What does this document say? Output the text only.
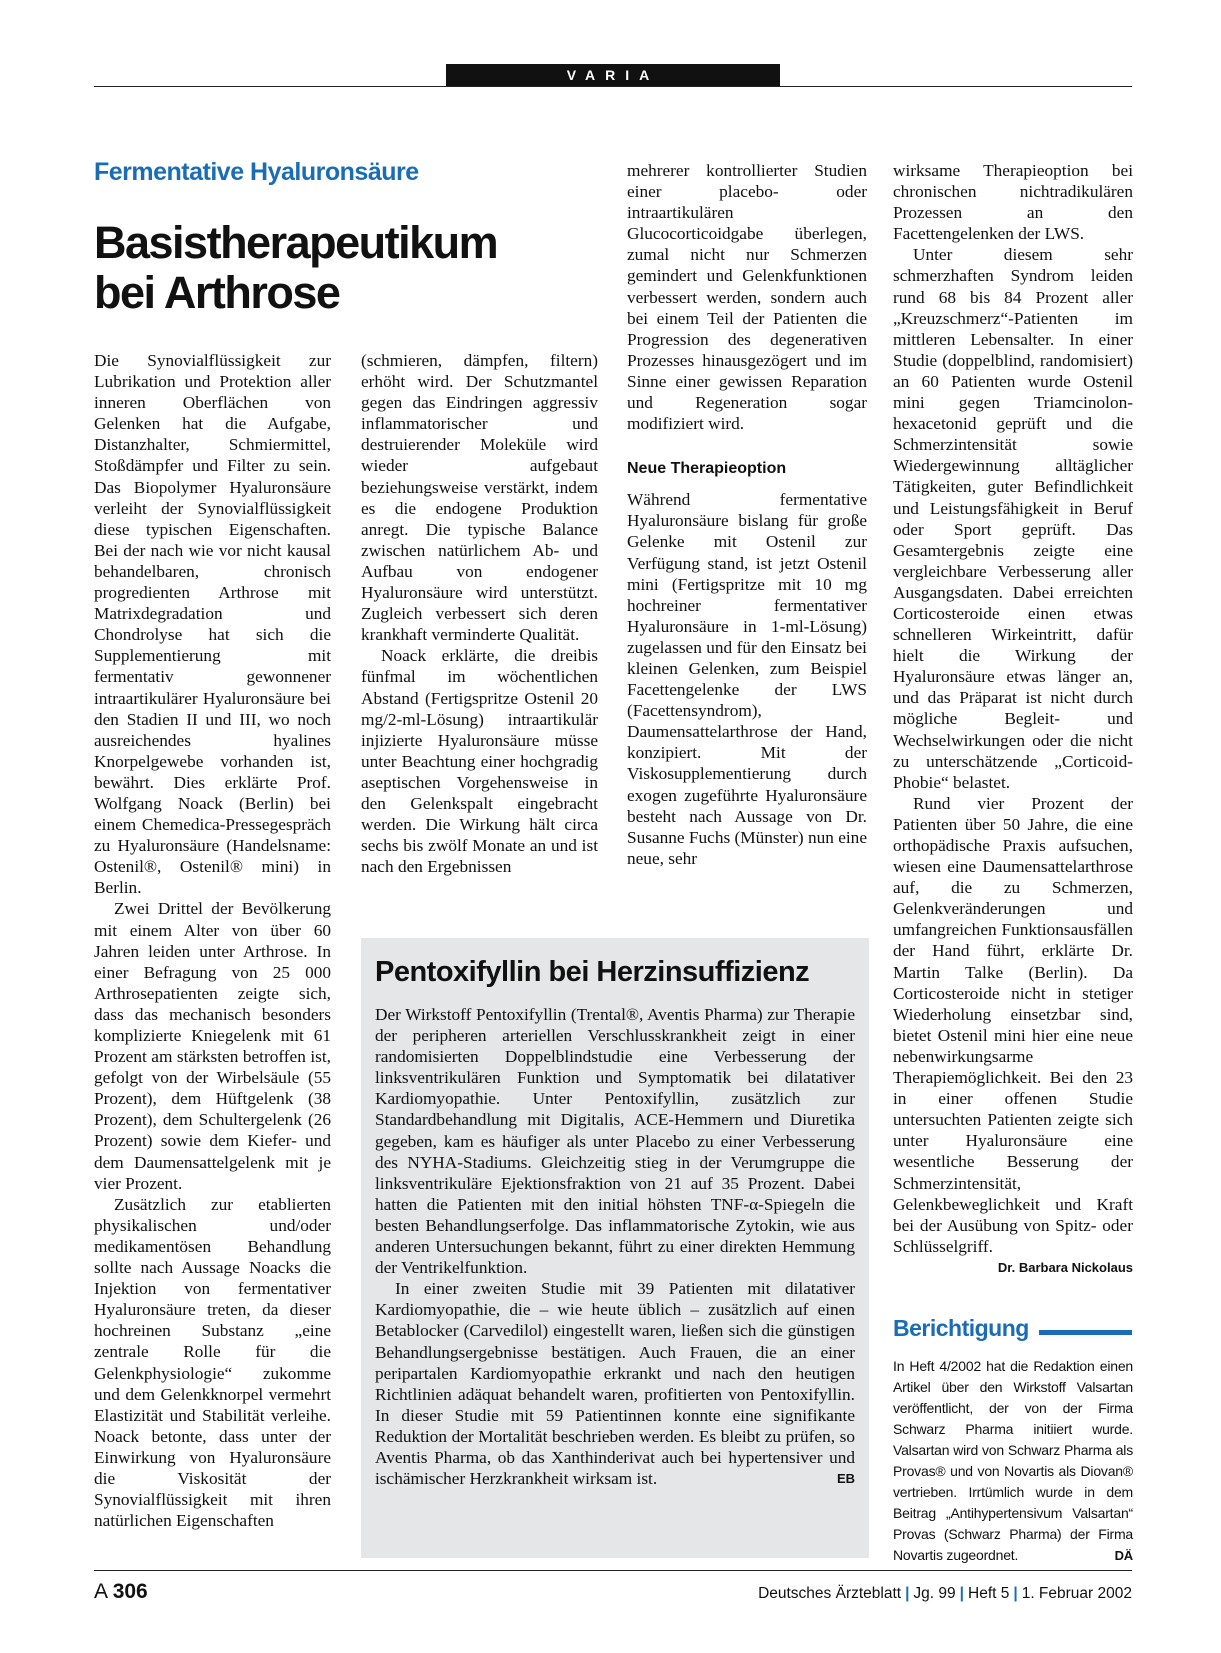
VARIA
Fermentative Hyaluronsäure
Basistherapeutikum
bei Arthrose

Die Synovialflüssigkeit zur Lubrikation und Protektion aller inneren Oberflächen von Gelenken hat die Aufgabe, Distanzhalter, Schmiermittel, Stoßdämpfer und Filter zu sein. Das Biopolymer Hyaluronsäure verleiht der Synovialflüssigkeit diese typischen Eigenschaften. Bei der nach wie vor nicht kausal behandelbaren, chronisch progredienten Arthrose mit Matrixdegradation und Chondrolyse hat sich die Supplementierung mit fermentativ gewonnener intraartikulärer Hyaluronsäure bei den Stadien II und III, wo noch ausreichendes hyalines Knorpelgewebe vorhanden ist, bewährt. Dies erklärte Prof. Wolfgang Noack (Berlin) bei einem Chemedica-Pressegespräch zu Hyaluronsäure (Handelsname: Ostenil®, Ostenil® mini) in Berlin.

Zwei Drittel der Bevölkerung mit einem Alter von über 60 Jahren leiden unter Arthrose. In einer Befragung von 25 000 Arthrosepatienten zeigte sich, dass das mechanisch besonders komplizierte Kniegelenk mit 61 Prozent am stärksten betroffen ist, gefolgt von der Wirbelsäule (55 Prozent), dem Hüftgelenk (38 Prozent), dem Schultergelenk (26 Prozent) sowie dem Kiefer- und dem Daumensattelgelenk mit je vier Prozent.

Zusätzlich zur etablierten physikalischen und/oder medikamentösen Behandlung sollte nach Aussage Noacks die Injektion von fermentativer Hyaluronsäure treten, da dieser hochreinen Substanz „eine zentrale Rolle für die Gelenkphysiologie“ zukomme und dem Gelenkknorpel vermehrt Elastizität und Stabilität verleihe. Noack betonte, dass unter der Einwirkung von Hyaluronsäure die Viskosität der Synovialflüssigkeit mit ihren natürlichen Eigenschaften

(schmieren, dämpfen, filtern) erhöht wird. Der Schutzmantel gegen das Eindringen aggressiv inflammatorischer und destruierender Moleküle wird wieder aufgebaut beziehungsweise verstärkt, indem es die endogene Produktion anregt. Die typische Balance zwischen natürlichem Ab- und Aufbau von endogener Hyaluronsäure wird unterstützt. Zugleich verbessert sich deren krankhaft verminderte Qualität.

Noack erklärte, die dreibis fünfmal im wöchentlichen Abstand (Fertigspritze Ostenil 20 mg/2-ml-Lösung) intraartikulär injizierte Hyaluronsäure müsse unter Beachtung einer hochgradig aseptischen Vorgehensweise in den Gelenkspalt eingebracht werden. Die Wirkung hält circa sechs bis zwölf Monate an und ist nach den Ergebnissen

mehrerer kontrollierter Studien einer placebo- oder intraartikulären Glucocorticoidgabe überlegen, zumal nicht nur Schmerzen gemindert und Gelenkfunktionen verbessert werden, sondern auch bei einem Teil der Patienten die Progression des degenerativen Prozesses hinausgezögert und im Sinne einer gewissen Reparation und Regeneration sogar modifiziert wird.

Neue Therapieoption

Während fermentative Hyaluronsäure bislang für große Gelenke mit Ostenil zur Verfügung stand, ist jetzt Ostenil mini (Fertigspritze mit 10 mg hochreiner fermentativer Hyaluronsäure in 1-ml-Lösung) zugelassen und für den Einsatz bei kleinen Gelenken, zum Beispiel Facettengelenke der LWS (Facettensyndrom), Daumensattelarthrose der Hand, konzipiert. Mit der Viskosupplementierung durch exogen zugeführte Hyaluronsäure besteht nach Aussage von Dr. Susanne Fuchs (Münster) nun eine neue, sehr

wirksame Therapieoption bei chronischen nichtradikulären Prozessen an den Facettengelenken der LWS.

Unter diesem sehr schmerzhaften Syndrom leiden rund 68 bis 84 Prozent aller „Kreuzschmerz“-Patienten im mittleren Lebensalter. In einer Studie (doppelblind, randomisiert) an 60 Patienten wurde Ostenil mini gegen Triamcinolon-hexacetonid geprüft und die Schmerzintensität sowie Wiedergewinnung alltäglicher Tätigkeiten, guter Befindlichkeit und Leistungsfähigkeit in Beruf oder Sport geprüft. Das Gesamtergebnis zeigte eine vergleichbare Verbesserung aller Ausgangsdaten. Dabei erreichten Corticosteroide einen etwas schnelleren Wirkeintritt, dafür hielt die Wirkung der Hyaluronsäure etwas länger an, und das Präparat ist nicht durch mögliche Begleit- und Wechselwirkungen oder die nicht zu unterschätzende „Corticoid-Phobie“ belastet.

Rund vier Prozent der Patienten über 50 Jahre, die eine orthopädische Praxis aufsuchen, wiesen eine Daumensattelarthrose auf, die zu Schmerzen, Gelenkveränderungen und umfangreichen Funktionsausfällen der Hand führt, erklärte Dr. Martin Talke (Berlin). Da Corticosteroide nicht in stetiger Wiederholung einsetzbar sind, bietet Ostenil mini hier eine neue nebenwirkungsarme Therapiemöglichkeit. Bei den 23 in einer offenen Studie untersuchten Patienten zeigte sich unter Hyaluronsäure eine wesentliche Besserung der Schmerzintensität, Gelenkbeweglichkeit und Kraft bei der Ausübung von Spitz- oder Schlüsselgriff.
Dr. Barbara Nickolaus

Pentoxifyllin bei Herzinsuffizienz

Der Wirkstoff Pentoxifyllin (Trental®, Aventis Pharma) zur Therapie der peripheren arteriellen Verschlusskrankheit zeigt in einer randomisierten Doppelblindstudie eine Verbesserung der linksventrikulären Funktion und Symptomatik bei dilatativer Kardiomyopathie. Unter Pentoxifyllin, zusätzlich zur Standardbehandlung mit Digitalis, ACE-Hemmern und Diuretika gegeben, kam es häufiger als unter Placebo zu einer Verbesserung des NYHA-Stadiums. Gleichzeitig stieg in der Verumgruppe die linksventrikuläre Ejektionsfraktion von 21 auf 35 Prozent. Dabei hatten die Patienten mit den initial höhsten TNF-α-Spiegeln die besten Behandlungserfolge. Das inflammatorische Zytokin, wie aus anderen Untersuchungen bekannt, führt zu einer direkten Hemmung der Ventrikelfunktion.

In einer zweiten Studie mit 39 Patienten mit dilatativer Kardiomyopathie, die – wie heute üblich – zusätzlich auf einen Betablocker (Carvedilol) eingestellt waren, ließen sich die günstigen Behandlungsergebnisse bestätigen. Auch Frauen, die an einer peripartalen Kardiomyopathie erkrankt und nach den heutigen Richtlinien adäquat behandelt waren, profitierten von Pentoxifyllin. In dieser Studie mit 59 Patientinnen konnte eine signifikante Reduktion der Mortalität beschrieben werden. Es bleibt zu prüfen, so Aventis Pharma, ob das Xanthinderivat auch bei hypertensiver und ischämischer Herzkrankheit wirksam ist.	EB

Berichtigung
In Heft 4/2002 hat die Redaktion einen Artikel über den Wirkstoff Valsartan veröffentlicht, der von der Firma Schwarz Pharma initiiert wurde. Valsartan wird von Schwarz Pharma als Provas® und von Novartis als Diovan® vertrieben. Irrtümlich wurde in dem Beitrag „Antihypertensivum Valsartan“ Provas (Schwarz Pharma) der Firma Novartis zugeordnet.	DÄ
A 306	Deutsches Ärzteblatt | Jg. 99 | Heft 5 | 1. Februar 2002
